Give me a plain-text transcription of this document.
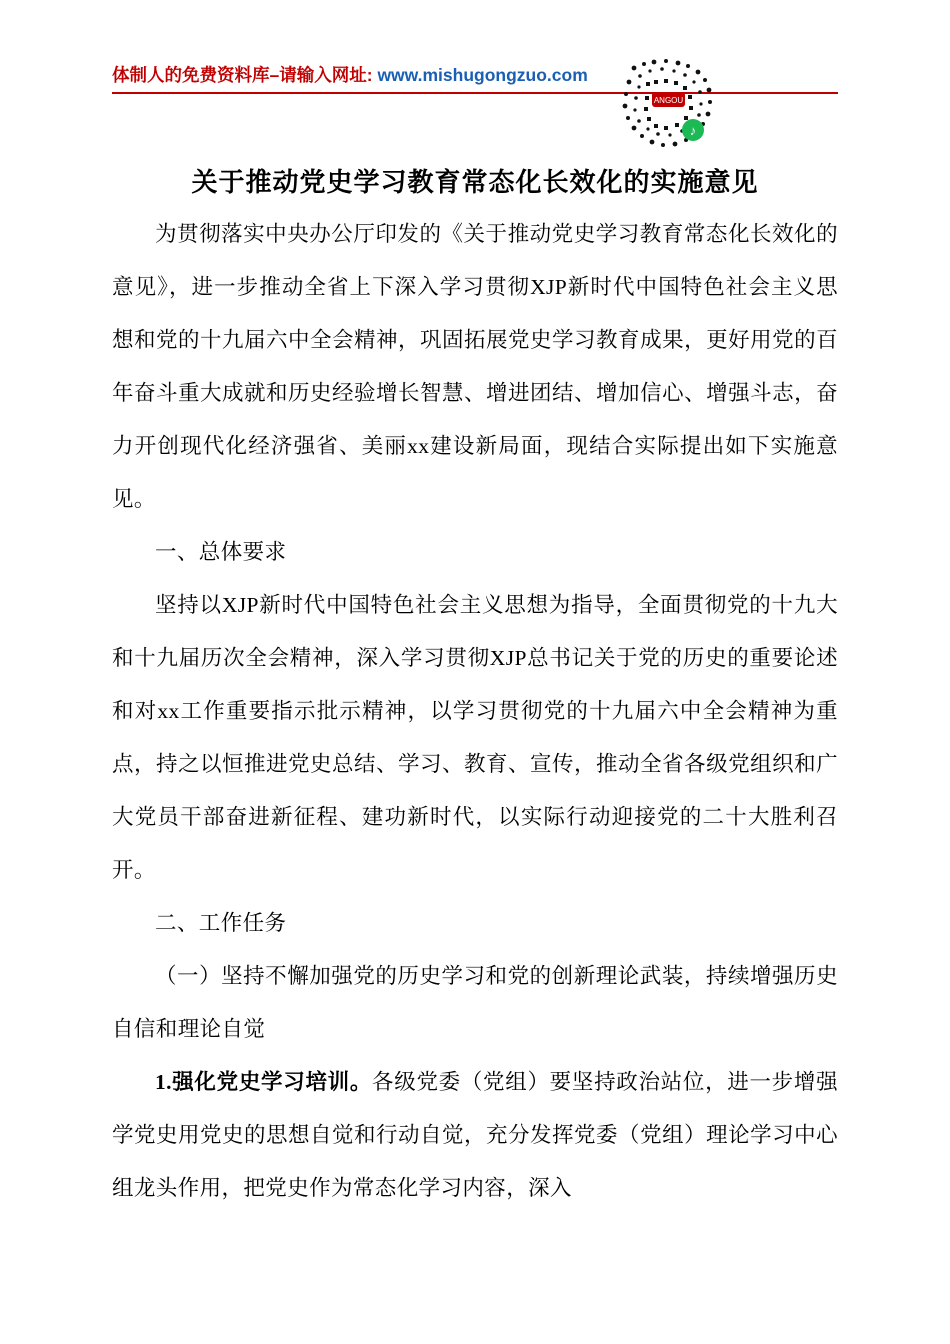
体制人的免费资料库–请输入网址: www.mishugongzuo.com
ANGOU
♪
关于推动党史学习教育常态化长效化的实施意见

为贯彻落实中央办公厅印发的《关于推动党史学习教育常态化长效化的意见》，进一步推动全省上下深入学习贯彻XJP新时代中国特色社会主义思想和党的十九届六中全会精神，巩固拓展党史学习教育成果，更好用党的百年奋斗重大成就和历史经验增长智慧、增进团结、增加信心、增强斗志，奋力开创现代化经济强省、美丽xx建设新局面，现结合实际提出如下实施意见。

一、总体要求

坚持以XJP新时代中国特色社会主义思想为指导，全面贯彻党的十九大和十九届历次全会精神，深入学习贯彻XJP总书记关于党的历史的重要论述和对xx工作重要指示批示精神，以学习贯彻党的十九届六中全会精神为重点，持之以恒推进党史总结、学习、教育、宣传，推动全省各级党组织和广大党员干部奋进新征程、建功新时代，以实际行动迎接党的二十大胜利召开。

二、工作任务

（一）坚持不懈加强党的历史学习和党的创新理论武装，持续增强历史自信和理论自觉

1.强化党史学习培训。各级党委（党组）要坚持政治站位，进一步增强学党史用党史的思想自觉和行动自觉，充分发挥党委（党组）理论学习中心组龙头作用，把党史作为常态化学习内容，深入
